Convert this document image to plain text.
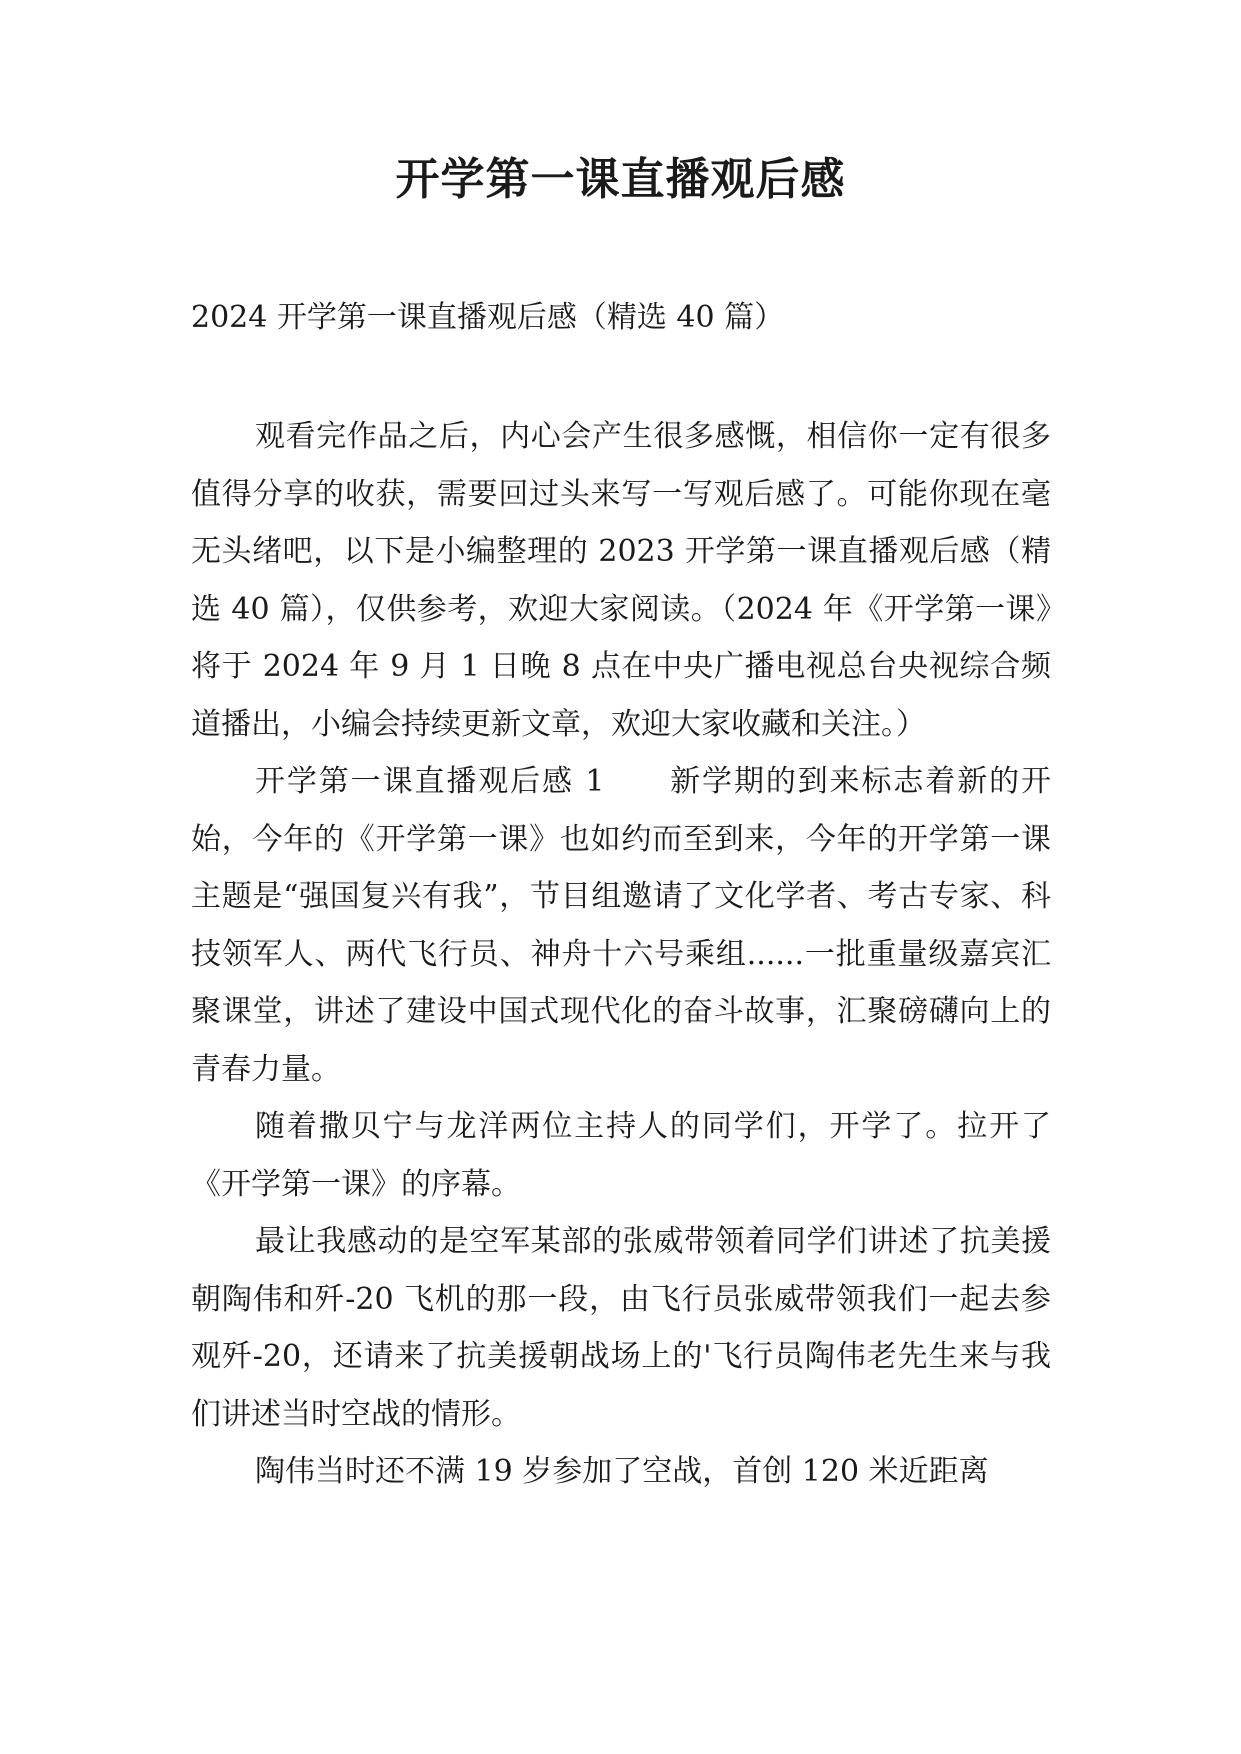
开学第一课直播观后感

2024 开学第一课直播观后感（精选 40 篇）

观看完作品之后，内心会产生很多感慨，相信你一定有很多值得分享的收获，需要回过头来写一写观后感了。可能你现在毫无头绪吧，以下是小编整理的 2023 开学第一课直播观后感（精选 40 篇），仅供参考，欢迎大家阅读。（2024 年《开学第一课》将于 2024 年 9 月 1 日晚 8 点在中央广播电视总台央视综合频道播出，小编会持续更新文章，欢迎大家收藏和关注。）

开学第一课直播观后感 1　　新学期的到来标志着新的开始，今年的《开学第一课》也如约而至到来，今年的开学第一课主题是“强国复兴有我”，节目组邀请了文化学者、考古专家、科技领军人、两代飞行员、神舟十六号乘组......一批重量级嘉宾汇聚课堂，讲述了建设中国式现代化的奋斗故事，汇聚磅礴向上的青春力量。

随着撒贝宁与龙洋两位主持人的同学们，开学了。拉开了《开学第一课》的序幕。

最让我感动的是空军某部的张威带领着同学们讲述了抗美援朝陶伟和歼-20 飞机的那一段，由飞行员张威带领我们一起去参观歼-20，还请来了抗美援朝战场上的'飞行员陶伟老先生来与我们讲述当时空战的情形。

陶伟当时还不满 19 岁参加了空战，首创 120 米近距离
